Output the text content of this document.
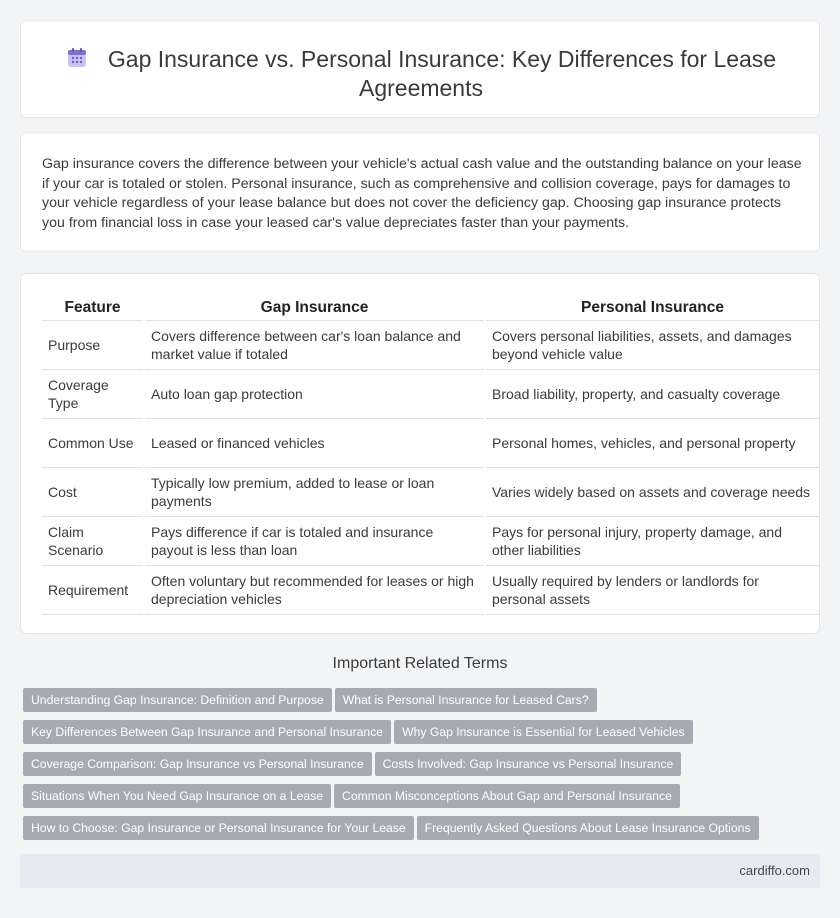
Gap Insurance vs. Personal Insurance: Key Differences for Lease
Agreements

Gap insurance covers the difference between your vehicle's actual cash value and the outstanding balance on your lease if your car is totaled or stolen. Personal insurance, such as comprehensive and collision coverage, pays for damages to your vehicle regardless of your lease balance but does not cover the deficiency gap. Choosing gap insurance protects you from financial loss in case your leased car's value depreciates faster than your payments.

Feature	Gap Insurance	Personal Insurance
Purpose	Covers difference between car's loan balance and market value if totaled	Covers personal liabilities, assets, and damages beyond vehicle value
Coverage Type	Auto loan gap protection	Broad liability, property, and casualty coverage
Common Use	Leased or financed vehicles	Personal homes, vehicles, and personal property
Cost	Typically low premium, added to lease or loan payments	Varies widely based on assets and coverage needs
Claim Scenario	Pays difference if car is totaled and insurance payout is less than loan	Pays for personal injury, property damage, and other liabilities
Requirement	Often voluntary but recommended for leases or high depreciation vehicles	Usually required by lenders or landlords for personal assets
Important Related Terms
Understanding Gap Insurance: Definition and Purpose What is Personal Insurance for Leased Cars?
Key Differences Between Gap Insurance and Personal Insurance Why Gap Insurance is Essential for Leased Vehicles
Coverage Comparison: Gap Insurance vs Personal Insurance Costs Involved: Gap Insurance vs Personal Insurance
Situations When You Need Gap Insurance on a Lease Common Misconceptions About Gap and Personal Insurance
How to Choose: Gap Insurance or Personal Insurance for Your Lease Frequently Asked Questions About Lease Insurance Options
cardiffo.com
